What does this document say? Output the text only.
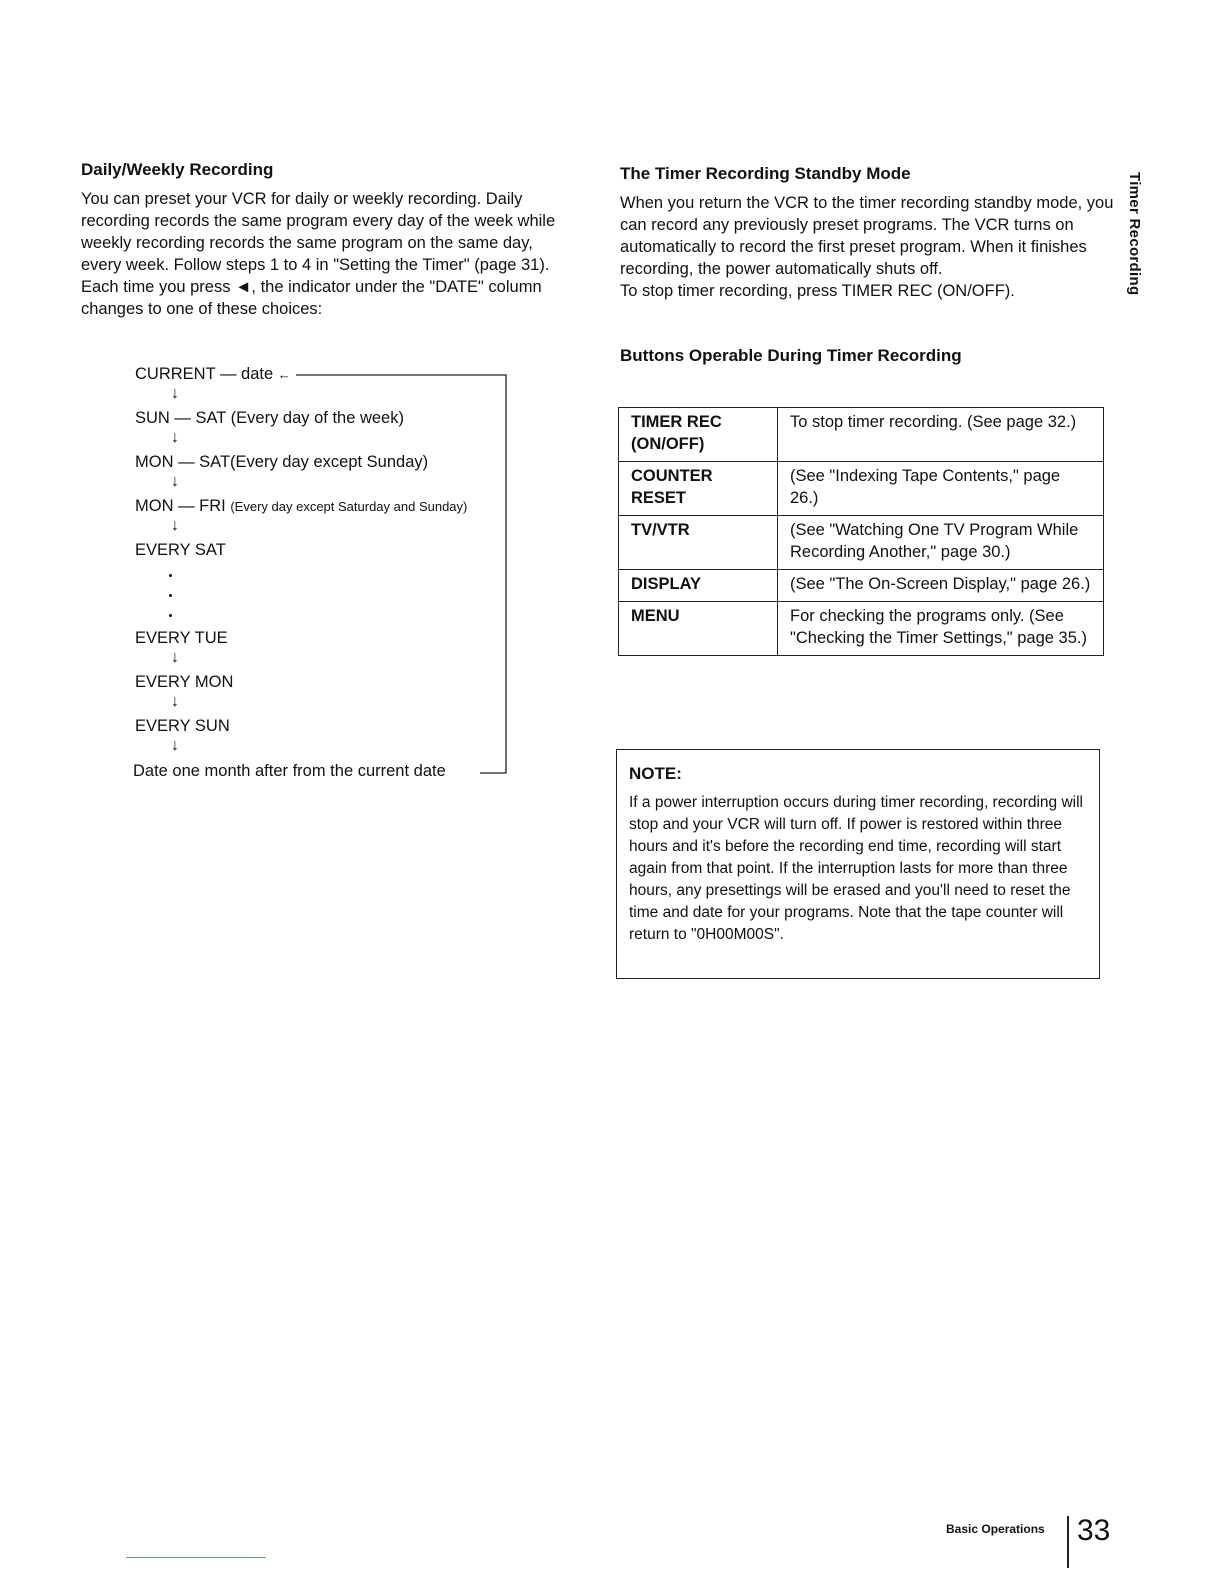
Daily/Weekly Recording

You can preset your VCR for daily or weekly recording. Daily recording records the same program every day of the week while weekly recording records the same program on the same day, every week. Follow steps 1 to 4 in "Setting the Timer" (page 31).

Each time you press ◄, the indicator under the "DATE" column changes to one of these choices:

CURRENT — date ←
↓
SUN — SAT (Every day of the week)
↓
MON — SAT(Every day except Sunday)
↓
MON — FRI (Every day except Saturday and Sunday)
↓
EVERY SAT
EVERY TUE
↓
EVERY MON
↓
EVERY SUN
↓
Date one month after from the current date
The Timer Recording Standby Mode

When you return the VCR to the timer recording standby mode, you can record any previously preset programs. The VCR turns on automatically to record the first preset program. When it finishes recording, the power automatically shuts off.

To stop timer recording, press TIMER REC (ON/OFF).

Buttons Operable During Timer Recording
TIMER REC (ON/OFF)	To stop timer recording. (See page 32.)
COUNTER RESET	(See "Indexing Tape Contents," page 26.)
TV/VTR	(See "Watching One TV Program While Recording Another," page 30.)
DISPLAY	(See "The On-Screen Display," page 26.)
MENU	For checking the programs only. (See "Checking the Timer Settings," page 35.)
NOTE:
If a power interruption occurs during timer recording, recording will stop and your VCR will turn off. If power is restored within three hours and it's before the recording end time, recording will start again from that point. If the interruption lasts for more than three hours, any presettings will be erased and you'll need to reset the time and date for your programs. Note that the tape counter will return to "0H00M00S".
Timer Recording
Basic Operations 33
